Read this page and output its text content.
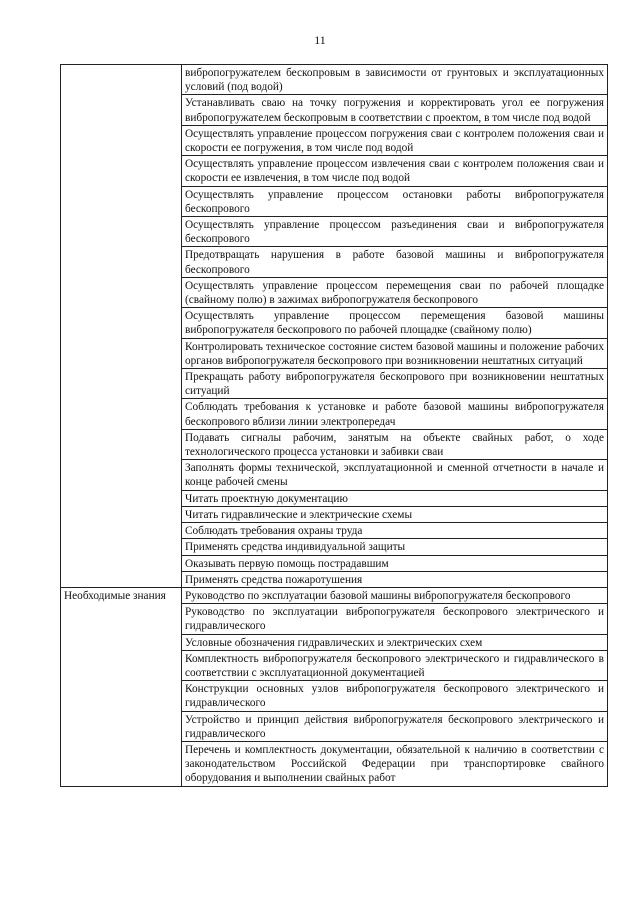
11
	вибропогружателем бескопровым в зависимости от грунтовых и эксплуатационных условий (под водой)
	Устанавливать сваю на точку погружения и корректировать угол ее погружения вибропогружателем бескопровым в соответствии с проектом, в том числе под водой
	Осуществлять управление процессом погружения сваи с контролем положения сваи и скорости ее погружения, в том числе под водой
	Осуществлять управление процессом извлечения сваи с контролем положения сваи и скорости ее извлечения, в том числе под водой
	Осуществлять управление процессом остановки работы вибропогружателя бескопрового
	Осуществлять управление процессом разъединения сваи и вибропогружателя бескопрового
	Предотвращать нарушения в работе базовой машины и вибропогружателя бескопрового
	Осуществлять управление процессом перемещения сваи по рабочей площадке (свайному полю) в зажимах вибропогружателя бескопрового
	Осуществлять управление процессом перемещения базовой машины вибропогружателя бескопрового по рабочей площадке (свайному полю)
	Контролировать техническое состояние систем базовой машины и положение рабочих органов вибропогружателя бескопрового при возникновении нештатных ситуаций
	Прекращать работу вибропогружателя бескопрового при возникновении нештатных ситуаций
	Соблюдать требования к установке и работе базовой машины вибропогружателя бескопрового вблизи линии электропередач
	Подавать сигналы рабочим, занятым на объекте свайных работ, о ходе технологического процесса установки и забивки сваи
	Заполнять формы технической, эксплуатационной и сменной отчетности в начале и конце рабочей смены
	Читать проектную документацию
	Читать гидравлические и электрические схемы
	Соблюдать требования охраны труда
	Применять средства индивидуальной защиты
	Оказывать первую помощь пострадавшим
	Применять средства пожаротушения
Необходимые знания	Руководство по эксплуатации базовой машины вибропогружателя бескопрового
	Руководство по эксплуатации вибропогружателя бескопрового электрического и гидравлического
	Условные обозначения гидравлических и электрических схем
	Комплектность вибропогружателя бескопрового электрического и гидравлического в соответствии с эксплуатационной документацией
	Конструкции основных узлов вибропогружателя бескопрового электрического и гидравлического
	Устройство и принцип действия вибропогружателя бескопрового электрического и гидравлического
	Перечень и комплектность документации, обязательной к наличию в соответствии с законодательством Российской Федерации при транспортировке свайного оборудования и выполнении свайных работ
